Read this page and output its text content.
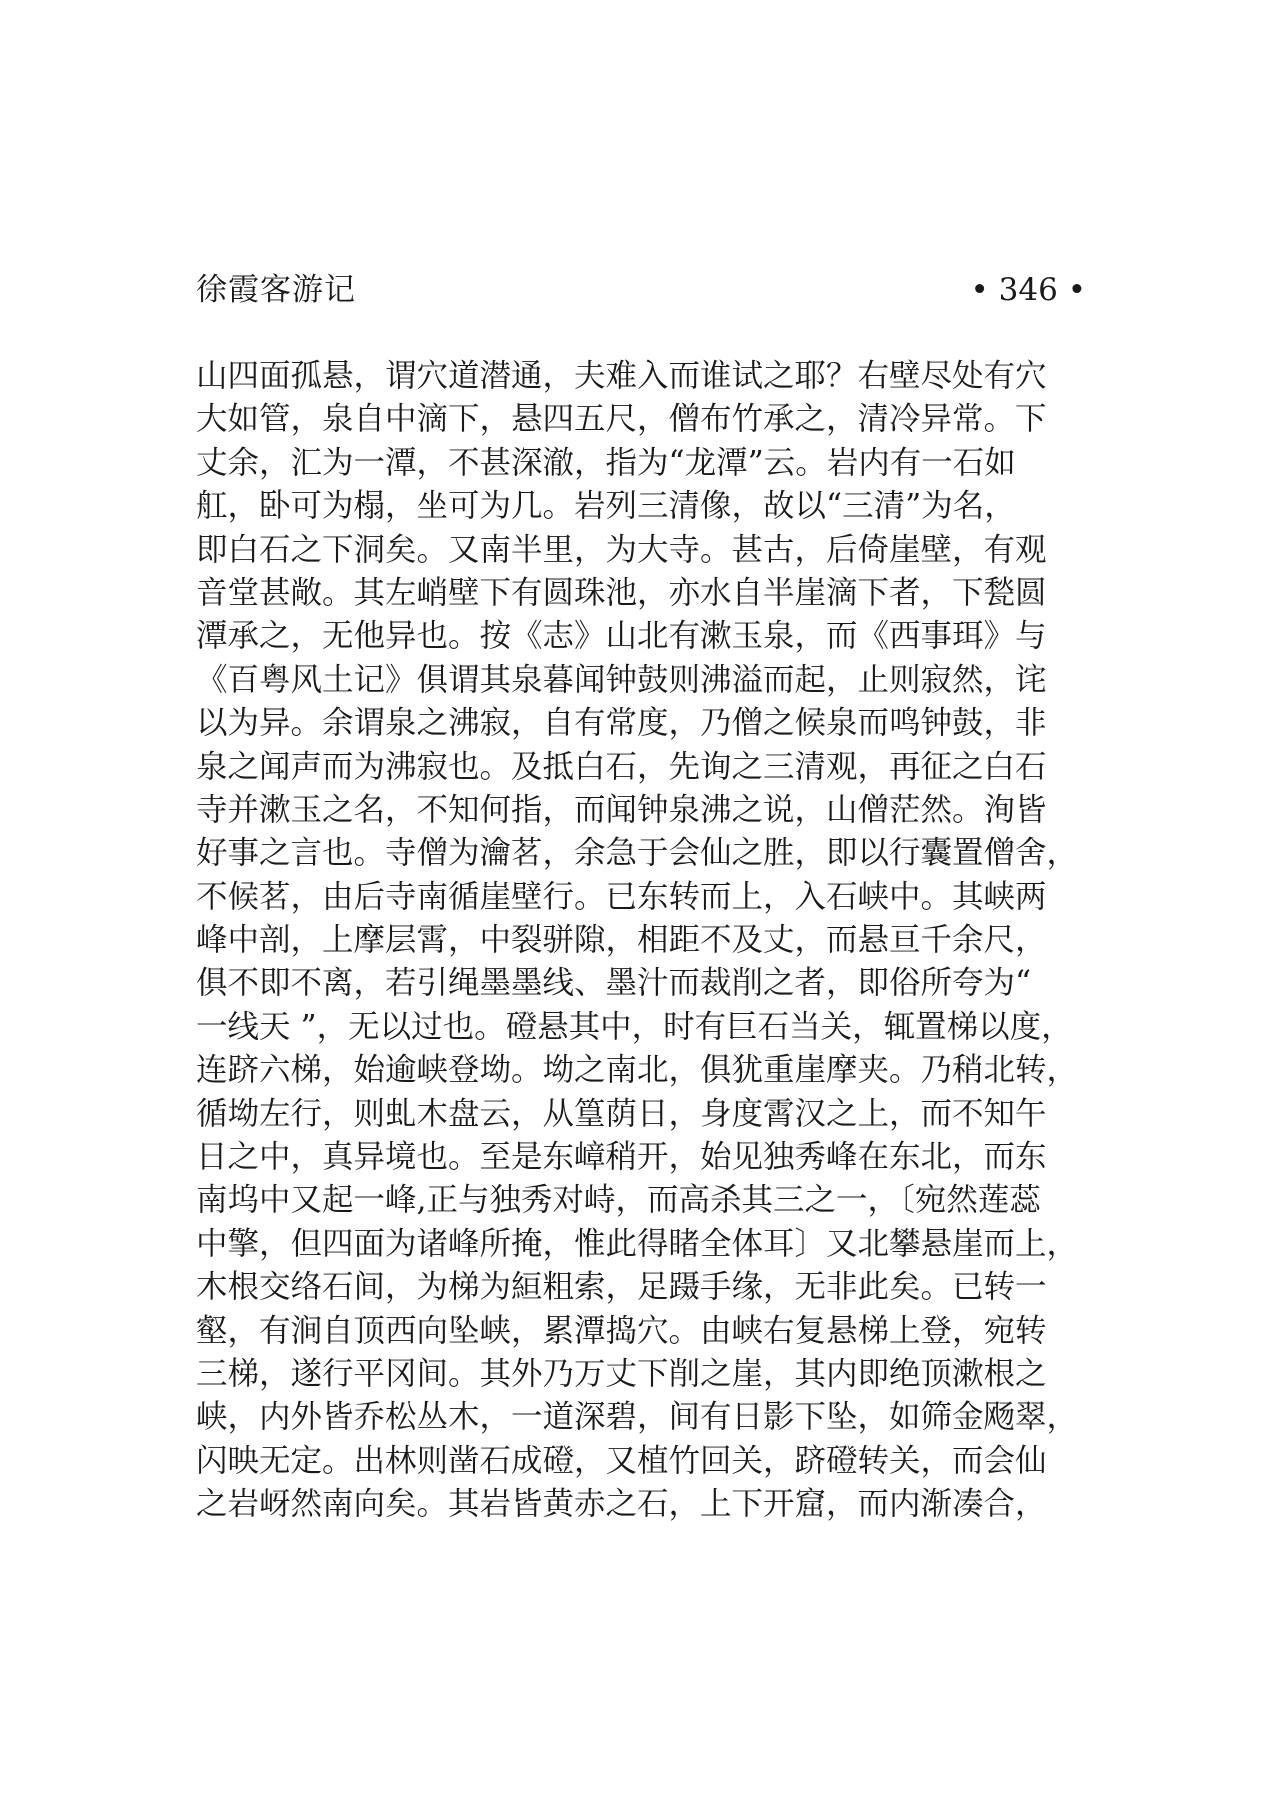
徐霞客游记	• 346 •
山四面孤悬，谓穴道潜通，夫难入而谁试之耶？右壁尽处有穴
大如管，泉自中滴下，悬四五尺，僧布竹承之，清冷异常。下
丈余，汇为一潭，不甚深澈，指为“龙潭”云。岩内有一石如
舡，卧可为榻，坐可为几。岩列三清像，故以“三清”为名，
即白石之下洞矣。又南半里，为大寺。甚古，后倚崖壁，有观
音堂甚敞。其左峭壁下有圆珠池，亦水自半崖滴下者，下甃圆
潭承之，无他异也。按《志》山北有漱玉泉，而《西事珥》与
《百粤风土记》俱谓其泉暮闻钟鼓则沸溢而起，止则寂然，诧
以为异。余谓泉之沸寂，自有常度，乃僧之候泉而鸣钟鼓，非
泉之闻声而为沸寂也。及抵白石，先询之三清观，再征之白石
寺并漱玉之名，不知何指，而闻钟泉沸之说，山僧茫然。洵皆
好事之言也。寺僧为瀹茗，余急于会仙之胜，即以行囊置僧舍，
不候茗，由后寺南循崖壁行。已东转而上，入石峡中。其峡两
峰中剖，上摩层霄，中裂骈隙，相距不及丈，而悬亘千余尺，
俱不即不离，若引绳墨墨线、墨汁而裁削之者，即俗所夸为“
一线天 ”，无以过也。磴悬其中，时有巨石当关，辄置梯以度，
连跻六梯，始逾峡登坳。坳之南北，俱犹重崖摩夹。乃稍北转，
循坳左行，则虬木盘云，从篁荫日，身度霄汉之上，而不知午
日之中，真异境也。至是东嶂稍开，始见独秀峰在东北，而东
南坞中又起一峰,正与独秀对峙，而高杀其三之一，〔宛然莲蕊
中擎，但四面为诸峰所掩，惟此得睹全体耳〕又北攀悬崖而上，
木根交络石间，为梯为絙粗索，足蹑手缘，无非此矣。已转一
壑，有涧自顶西向坠峡，累潭捣穴。由峡右复悬梯上登，宛转
三梯，遂行平冈间。其外乃万丈下削之崖，其内即绝顶漱根之
峡，内外皆乔松丛木，一道深碧，间有日影下坠，如筛金飏翠，
闪映无定。出林则凿石成磴，又植竹回关，跻磴转关，而会仙
之岩岈然南向矣。其岩皆黄赤之石，上下开窟，而内渐凑合，
